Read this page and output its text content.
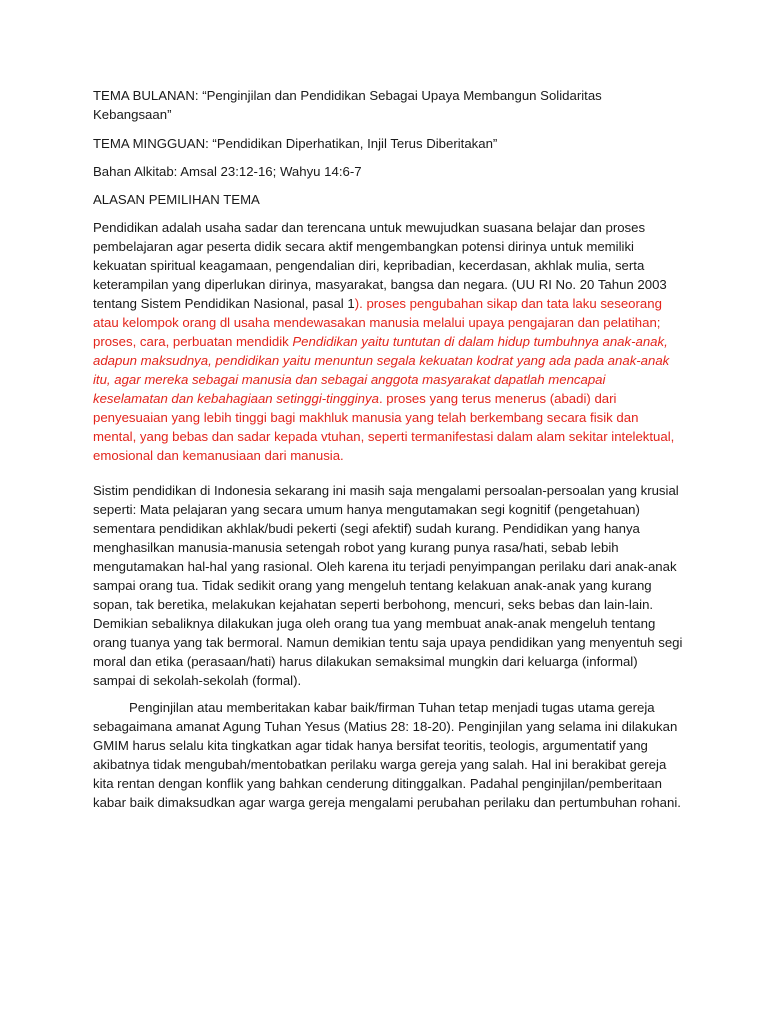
TEMA BULANAN: “Penginjilan dan Pendidikan Sebagai Upaya Membangun Solidaritas Kebangsaan”

TEMA MINGGUAN: “Pendidikan Diperhatikan, Injil Terus Diberitakan”

Bahan Alkitab: Amsal 23:12-16; Wahyu 14:6-7

ALASAN PEMILIHAN TEMA

Pendidikan adalah usaha sadar dan terencana untuk mewujudkan suasana belajar dan proses pembelajaran agar peserta didik secara aktif mengembangkan potensi dirinya untuk memiliki kekuatan spiritual keagamaan, pengendalian diri, kepribadian, kecerdasan, akhlak mulia, serta keterampilan yang diperlukan dirinya, masyarakat, bangsa dan negara. (UU RI No. 20 Tahun 2003 tentang Sistem Pendidikan Nasional, pasal 1). proses pengubahan sikap dan tata laku seseorang atau kelompok orang dl usaha mendewasakan manusia melalui upaya pengajaran dan pelatihan; proses, cara, perbuatan mendidik Pendidikan yaitu tuntutan di dalam hidup tumbuhnya anak-anak, adapun maksudnya, pendidikan yaitu menuntun segala kekuatan kodrat yang ada pada anak-anak itu, agar mereka sebagai manusia dan sebagai anggota masyarakat dapatlah mencapai keselamatan dan kebahagiaan setinggi-tingginya. proses yang terus menerus (abadi) dari penyesuaian yang lebih tinggi bagi makhluk manusia yang telah berkembang secara fisik dan mental, yang bebas dan sadar kepada vtuhan, seperti termanifestasi dalam alam sekitar intelektual, emosional dan kemanusiaan dari manusia.

Sistim pendidikan di Indonesia sekarang ini masih saja mengalami persoalan-persoalan yang krusial seperti: Mata pelajaran yang secara umum hanya mengutamakan segi kognitif (pengetahuan) sementara pendidikan akhlak/budi pekerti (segi afektif) sudah kurang. Pendidikan yang hanya menghasilkan manusia-manusia setengah robot yang kurang punya rasa/hati, sebab lebih mengutamakan hal-hal yang rasional. Oleh karena itu terjadi penyimpangan perilaku dari anak-anak sampai orang tua. Tidak sedikit orang yang mengeluh tentang kelakuan anak-anak yang kurang sopan, tak beretika, melakukan kejahatan seperti berbohong, mencuri, seks bebas dan lain-lain. Demikian sebaliknya dilakukan juga oleh orang tua yang membuat anak-anak mengeluh tentang orang tuanya yang tak bermoral. Namun demikian tentu saja upaya pendidikan yang menyentuh segi moral dan etika (perasaan/hati) harus dilakukan semaksimal mungkin dari keluarga (informal) sampai di sekolah-sekolah (formal).

Penginjilan atau memberitakan kabar baik/firman Tuhan tetap menjadi tugas utama gereja sebagaimana amanat Agung Tuhan Yesus (Matius 28: 18-20). Penginjilan yang selama ini dilakukan GMIM harus selalu kita tingkatkan agar tidak hanya bersifat teoritis, teologis, argumentatif yang akibatnya tidak mengubah/mentobatkan perilaku warga gereja yang salah. Hal ini berakibat gereja kita rentan dengan konflik yang bahkan cenderung ditinggalkan. Padahal penginjilan/pemberitaan kabar baik dimaksudkan agar warga gereja mengalami perubahan perilaku dan pertumbuhan rohani.
